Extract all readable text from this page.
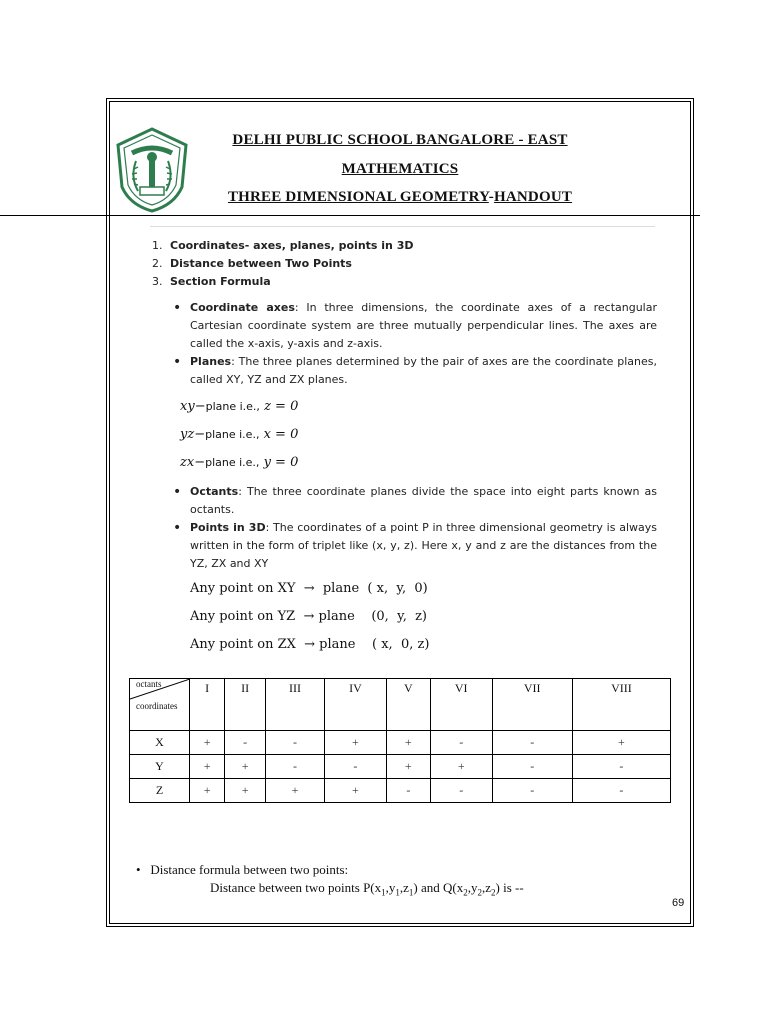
DELHI PUBLIC SCHOOL BANGALORE - EAST
MATHEMATICS
THREE DIMENSIONAL GEOMETRY-HANDOUT
1. Coordinates- axes, planes, points in 3D
2. Distance between Two Points
3. Section Formula
• Coordinate axes: In three dimensions, the coordinate axes of a rectangular Cartesian coordinate system are three mutually perpendicular lines. The axes are called the x-axis, y-axis and z-axis.
• Planes: The three planes determined by the pair of axes are the coordinate planes, called XY, YZ and ZX planes.
xy−plane i.e., z = 0
yz−plane i.e., x = 0
zx−plane i.e., y = 0
• Octants: The three coordinate planes divide the space into eight parts known as octants.
• Points in 3D: The coordinates of a point P in three dimensional geometry is always written in the form of triplet like (x, y, z). Here x, y and z are the distances from the YZ, ZX and XY
Any point on XY  →  plane  ( x,  y,  0)
Any point on YZ  → plane    (0,  y,  z)
Any point on ZX  → plane    ( x,  0, z)
octants
coordinates	I	II	III	IV	V	VI	VII	VIII
X	+	-	-	+	+	-	-	+
Y	+	+	-	-	+	+	-	-
Z	+	+	+	+	-	-	-	-
• Distance formula between two points:
Distance between two points $P(x_1,y_1,z_1)$ and $Q(x_2,y_2,z_2)$ is --
69
